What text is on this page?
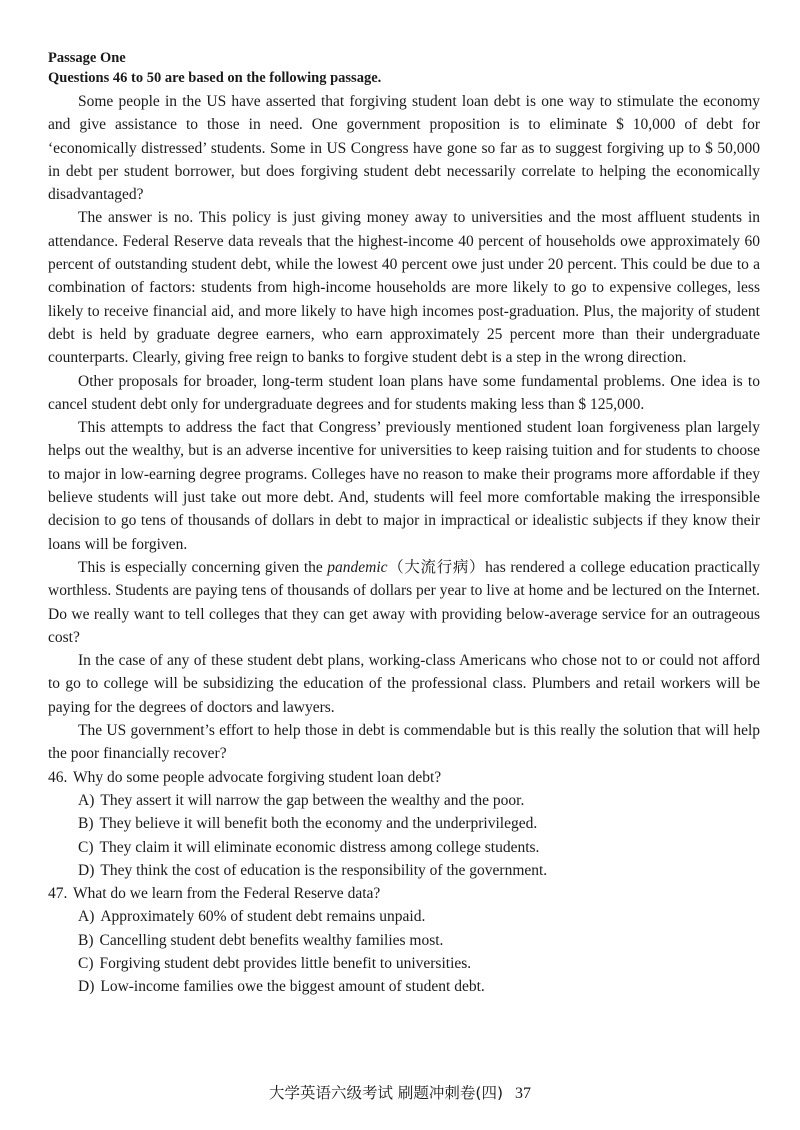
Passage One

Questions 46 to 50 are based on the following passage.

Some people in the US have asserted that forgiving student loan debt is one way to stimulate the economy and give assistance to those in need. One government proposition is to eliminate $ 10,000 of debt for ‘economically distressed’ students. Some in US Congress have gone so far as to suggest forgiving up to $ 50,000 in debt per student borrower, but does forgiving student debt necessarily correlate to helping the economically disadvantaged?

The answer is no. This policy is just giving money away to universities and the most affluent students in attendance. Federal Reserve data reveals that the highest-income 40 percent of households owe approximately 60 percent of outstanding student debt, while the lowest 40 percent owe just under 20 percent. This could be due to a combination of factors: students from high-income households are more likely to go to expensive colleges, less likely to receive financial aid, and more likely to have high incomes post-graduation. Plus, the majority of student debt is held by graduate degree earners, who earn approximately 25 percent more than their undergraduate counterparts. Clearly, giving free reign to banks to forgive student debt is a step in the wrong direction.

Other proposals for broader, long-term student loan plans have some fundamental problems. One idea is to cancel student debt only for undergraduate degrees and for students making less than $ 125,000.

This attempts to address the fact that Congress’ previously mentioned student loan forgiveness plan largely helps out the wealthy, but is an adverse incentive for universities to keep raising tuition and for students to choose to major in low-earning degree programs. Colleges have no reason to make their programs more affordable if they believe students will just take out more debt. And, students will feel more comfortable making the irresponsible decision to go tens of thousands of dollars in debt to major in impractical or idealistic subjects if they know their loans will be forgiven.

This is especially concerning given the pandemic（大流行病）has rendered a college education practically worthless. Students are paying tens of thousands of dollars per year to live at home and be lectured on the Internet. Do we really want to tell colleges that they can get away with providing below-average service for an outrageous cost?

In the case of any of these student debt plans, working-class Americans who chose not to or could not afford to go to college will be subsidizing the education of the professional class. Plumbers and retail workers will be paying for the degrees of doctors and lawyers.

The US government’s effort to help those in debt is commendable but is this really the solution that will help the poor financially recover?

46. Why do some people advocate forgiving student loan debt?

A) They assert it will narrow the gap between the wealthy and the poor.

B) They believe it will benefit both the economy and the underprivileged.

C) They claim it will eliminate economic distress among college students.

D) They think the cost of education is the responsibility of the government.

47. What do we learn from the Federal Reserve data?

A) Approximately 60% of student debt remains unpaid.

B) Cancelling student debt benefits wealthy families most.

C) Forgiving student debt provides little benefit to universities.

D) Low-income families owe the biggest amount of student debt.

大学英语六级考试 刷题冲刺卷(四) 37
